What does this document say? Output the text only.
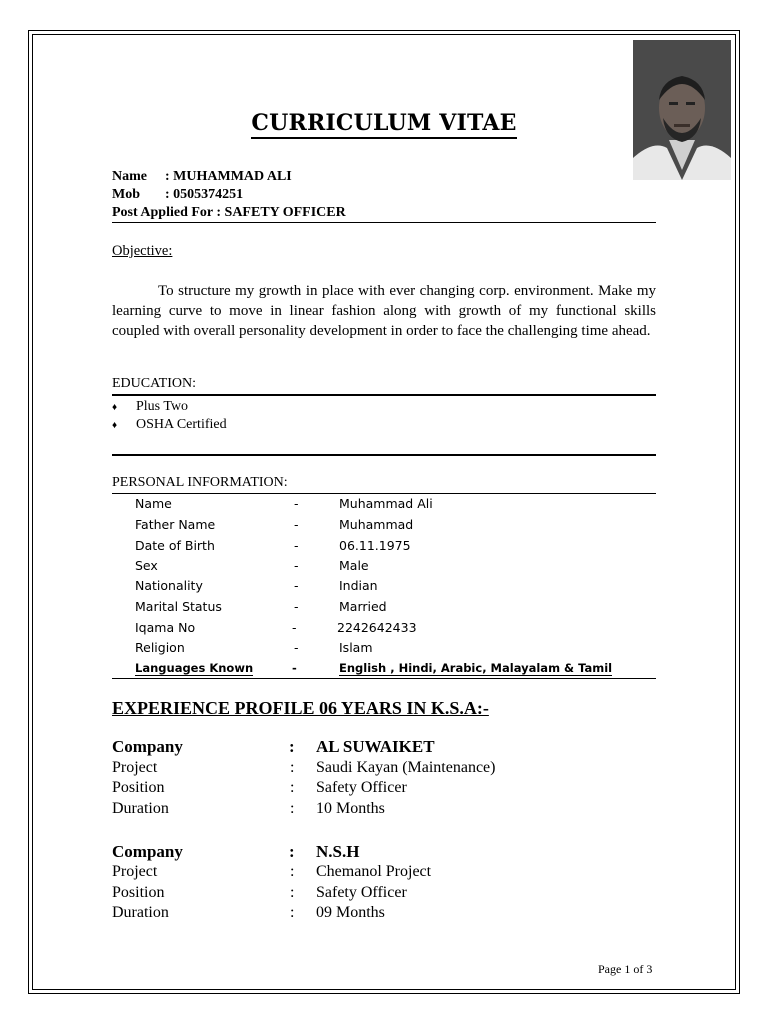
CURRICULUM VITAE
Name : MUHAMMAD ALI
Mob : 0505374251
Post Applied For : SAFETY OFFICER
Objective:

To structure my growth in place with ever changing corp. environment. Make my learning curve to move in linear fashion along with growth of my functional skills coupled with overall personality development in order to face the challenging time ahead.

EDUCATION:
♦ Plus Two
♦ OSHA Certified
PERSONAL INFORMATION:
Name	-	Muhammad Ali
Father Name	-	Muhammad
Date of Birth	-	06.11.1975
Sex	-	Male
Nationality	-	Indian
Marital Status	-	Married
Iqama No	-	2242642433
Religion	-	Islam
Languages Known	-	English , Hindi, Arabic, Malayalam & Tamil
EXPERIENCE PROFILE 06 YEARS IN K.S.A:-
Company	: AL SUWAIKET
Project	: Saudi Kayan (Maintenance)
Position	: Safety Officer
Duration	: 10 Months
Company	: N.S.H
Project	: Chemanol Project
Position	: Safety Officer
Duration	: 09 Months
Page 1 of 3
